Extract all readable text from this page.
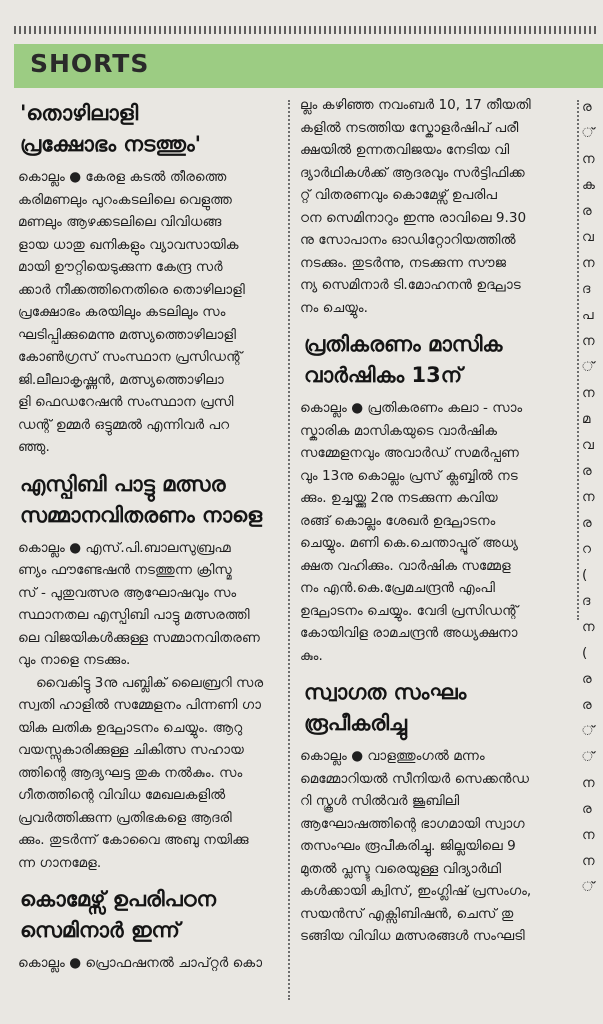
SHORTS
'തൊഴിലാളി
പ്രക്ഷോഭം നടത്തും'

കൊല്ലം ● കേരള കടൽ തീരത്തെ
കരിമണലും പുറംകടലിലെ വെളുത്ത
മണലും ആഴക്കടലിലെ വിവിധങ്ങ
ളായ ധാതു ഖനികളും വ്യാവസായിക
മായി ഊറ്റിയെടുക്കുന്ന കേന്ദ്ര സർ
ക്കാർ നീക്കത്തിനെതിരെ തൊഴിലാളി
പ്രക്ഷോഭം കരയിലും കടലിലും സം
ഘടിപ്പിക്കുമെന്നു മത്സ്യത്തൊഴിലാളി
കോൺഗ്രസ് സംസ്ഥാന പ്രസിഡന്റ്
ജി.ലീലാകൃഷ്ണൻ, മത്സ്യത്തൊഴിലാ
ളി ഫെഡറേഷൻ സംസ്ഥാന പ്രസി
ഡന്റ് ഉമ്മർ ഒട്ടുമ്മൽ എന്നിവർ പറ
ഞ്ഞു.

എസ്പിബി പാട്ടു മത്സര
സമ്മാനവിതരണം നാളെ

കൊല്ലം ● എസ്.പി.ബാലസുബ്രഹ്മ
ണ്യം ഫൗണ്ടേഷൻ നടത്തുന്ന ക്രിസ്മ
സ് - പുതുവത്സര ആഘോഷവും സം
സ്ഥാനതല എസ്പിബി പാട്ടു മത്സരത്തി
ലെ വിജയികൾക്കുള്ള സമ്മാനവിതരണ
വും നാളെ നടക്കും.

വൈകിട്ടു 3നു പബ്ലിക് ലൈബ്രറി സര
സ്വതി ഹാളിൽ സമ്മേളനം പിന്നണി ഗാ
യിക ലതിക ഉദ്ഘാടനം ചെയ്യും. ആറു
വയസ്സുകാരിക്കുള്ള ചികിത്സ സഹായ
ത്തിന്റെ ആദ്യഘട്ട തുക നൽകും. സം
ഗീതത്തിന്റെ വിവിധ മേഖലകളിൽ
പ്രവർത്തിക്കുന്ന പ്രതിഭകളെ ആദരി
ക്കും. തുടർന്ന് കോവൈ അബു നയിക്കു
ന്ന ഗാനമേള.

കൊമേഴ്സ് ഉപരിപഠന
സെമിനാർ ഇന്ന്

കൊല്ലം ● പ്രൊഫഷനൽ ചാപ്റ്റർ കൊ

ല്ലം കഴിഞ്ഞ നവംബർ 10, 17 തീയതി
കളിൽ നടത്തിയ സ്കോളർഷിപ് പരീ
ക്ഷയിൽ ഉന്നതവിജയം നേടിയ വി
ദ്യാർഥികൾക്ക് ആദരവും സർട്ടിഫിക്ക
റ്റ് വിതരണവും കൊമേഴ്സ് ഉപരിപ
ഠന സെമിനാറും ഇന്നു രാവിലെ 9.30
നു സോപാനം ഓഡിറ്റോറിയത്തിൽ
നടക്കും. തുടർന്നു, നടക്കുന്ന സൗജ
ന്യ സെമിനാർ ടി.മോഹനൻ ഉദ്ഘാട
നം ചെയ്യും.

പ്രതികരണം മാസിക
വാർഷികം 13ന്

കൊല്ലം ● പ്രതികരണം കലാ - സാം
സ്കാരിക മാസികയുടെ വാർഷിക
സമ്മേളനവും അവാർഡ് സമർപ്പണ
വും 13നു കൊല്ലം പ്രസ് ക്ലബ്ബിൽ നട
ക്കും. ഉച്ചയ്ക്കു 2നു നടക്കുന്ന കവിയ
രങ്ങ് കൊല്ലം ശേഖർ ഉദ്ഘാടനം
ചെയ്യും. മണി കെ.ചെന്താപ്പൂര് അധ്യ
ക്ഷത വഹിക്കും. വാർഷിക സമ്മേള
നം എൻ.കെ.പ്രേമചന്ദ്രൻ എംപി
ഉദ്ഘാടനം ചെയ്യും. വേദി പ്രസിഡന്റ്
കോയിവിള രാമചന്ദ്രൻ അധ്യക്ഷനാ
കും.

സ്വാഗത സംഘം
രൂപീകരിച്ചു

കൊല്ലം ● വാളത്തുംഗൽ മന്നം
മെമ്മോറിയൽ സീനിയർ സെക്കൻഡ
റി സ്കൂൾ സിൽവർ ജൂബിലി
ആഘോഷത്തിന്റെ ഭാഗമായി സ്വാഗ
തസംഘം രൂപീകരിച്ചു. ജില്ലയിലെ 9
മുതൽ പ്ലസ്ടു വരെയുള്ള വിദ്യാർഥി
കൾക്കായി ക്വിസ്, ഇംഗ്ലിഷ് പ്രസംഗം,
സയൻസ് എക്സിബിഷൻ, ചെസ് തു
ടങ്ങിയ വിവിധ മത്സരങ്ങൾ സംഘടി

ര
്
ന
ക
ര
വ
ന
ദ
പ
ന
്
ന
മ
വ
ര
ന
ര
റ
(
ദ
ന
(
ര
ര
്
്
ന
ര
ന
ന
്
